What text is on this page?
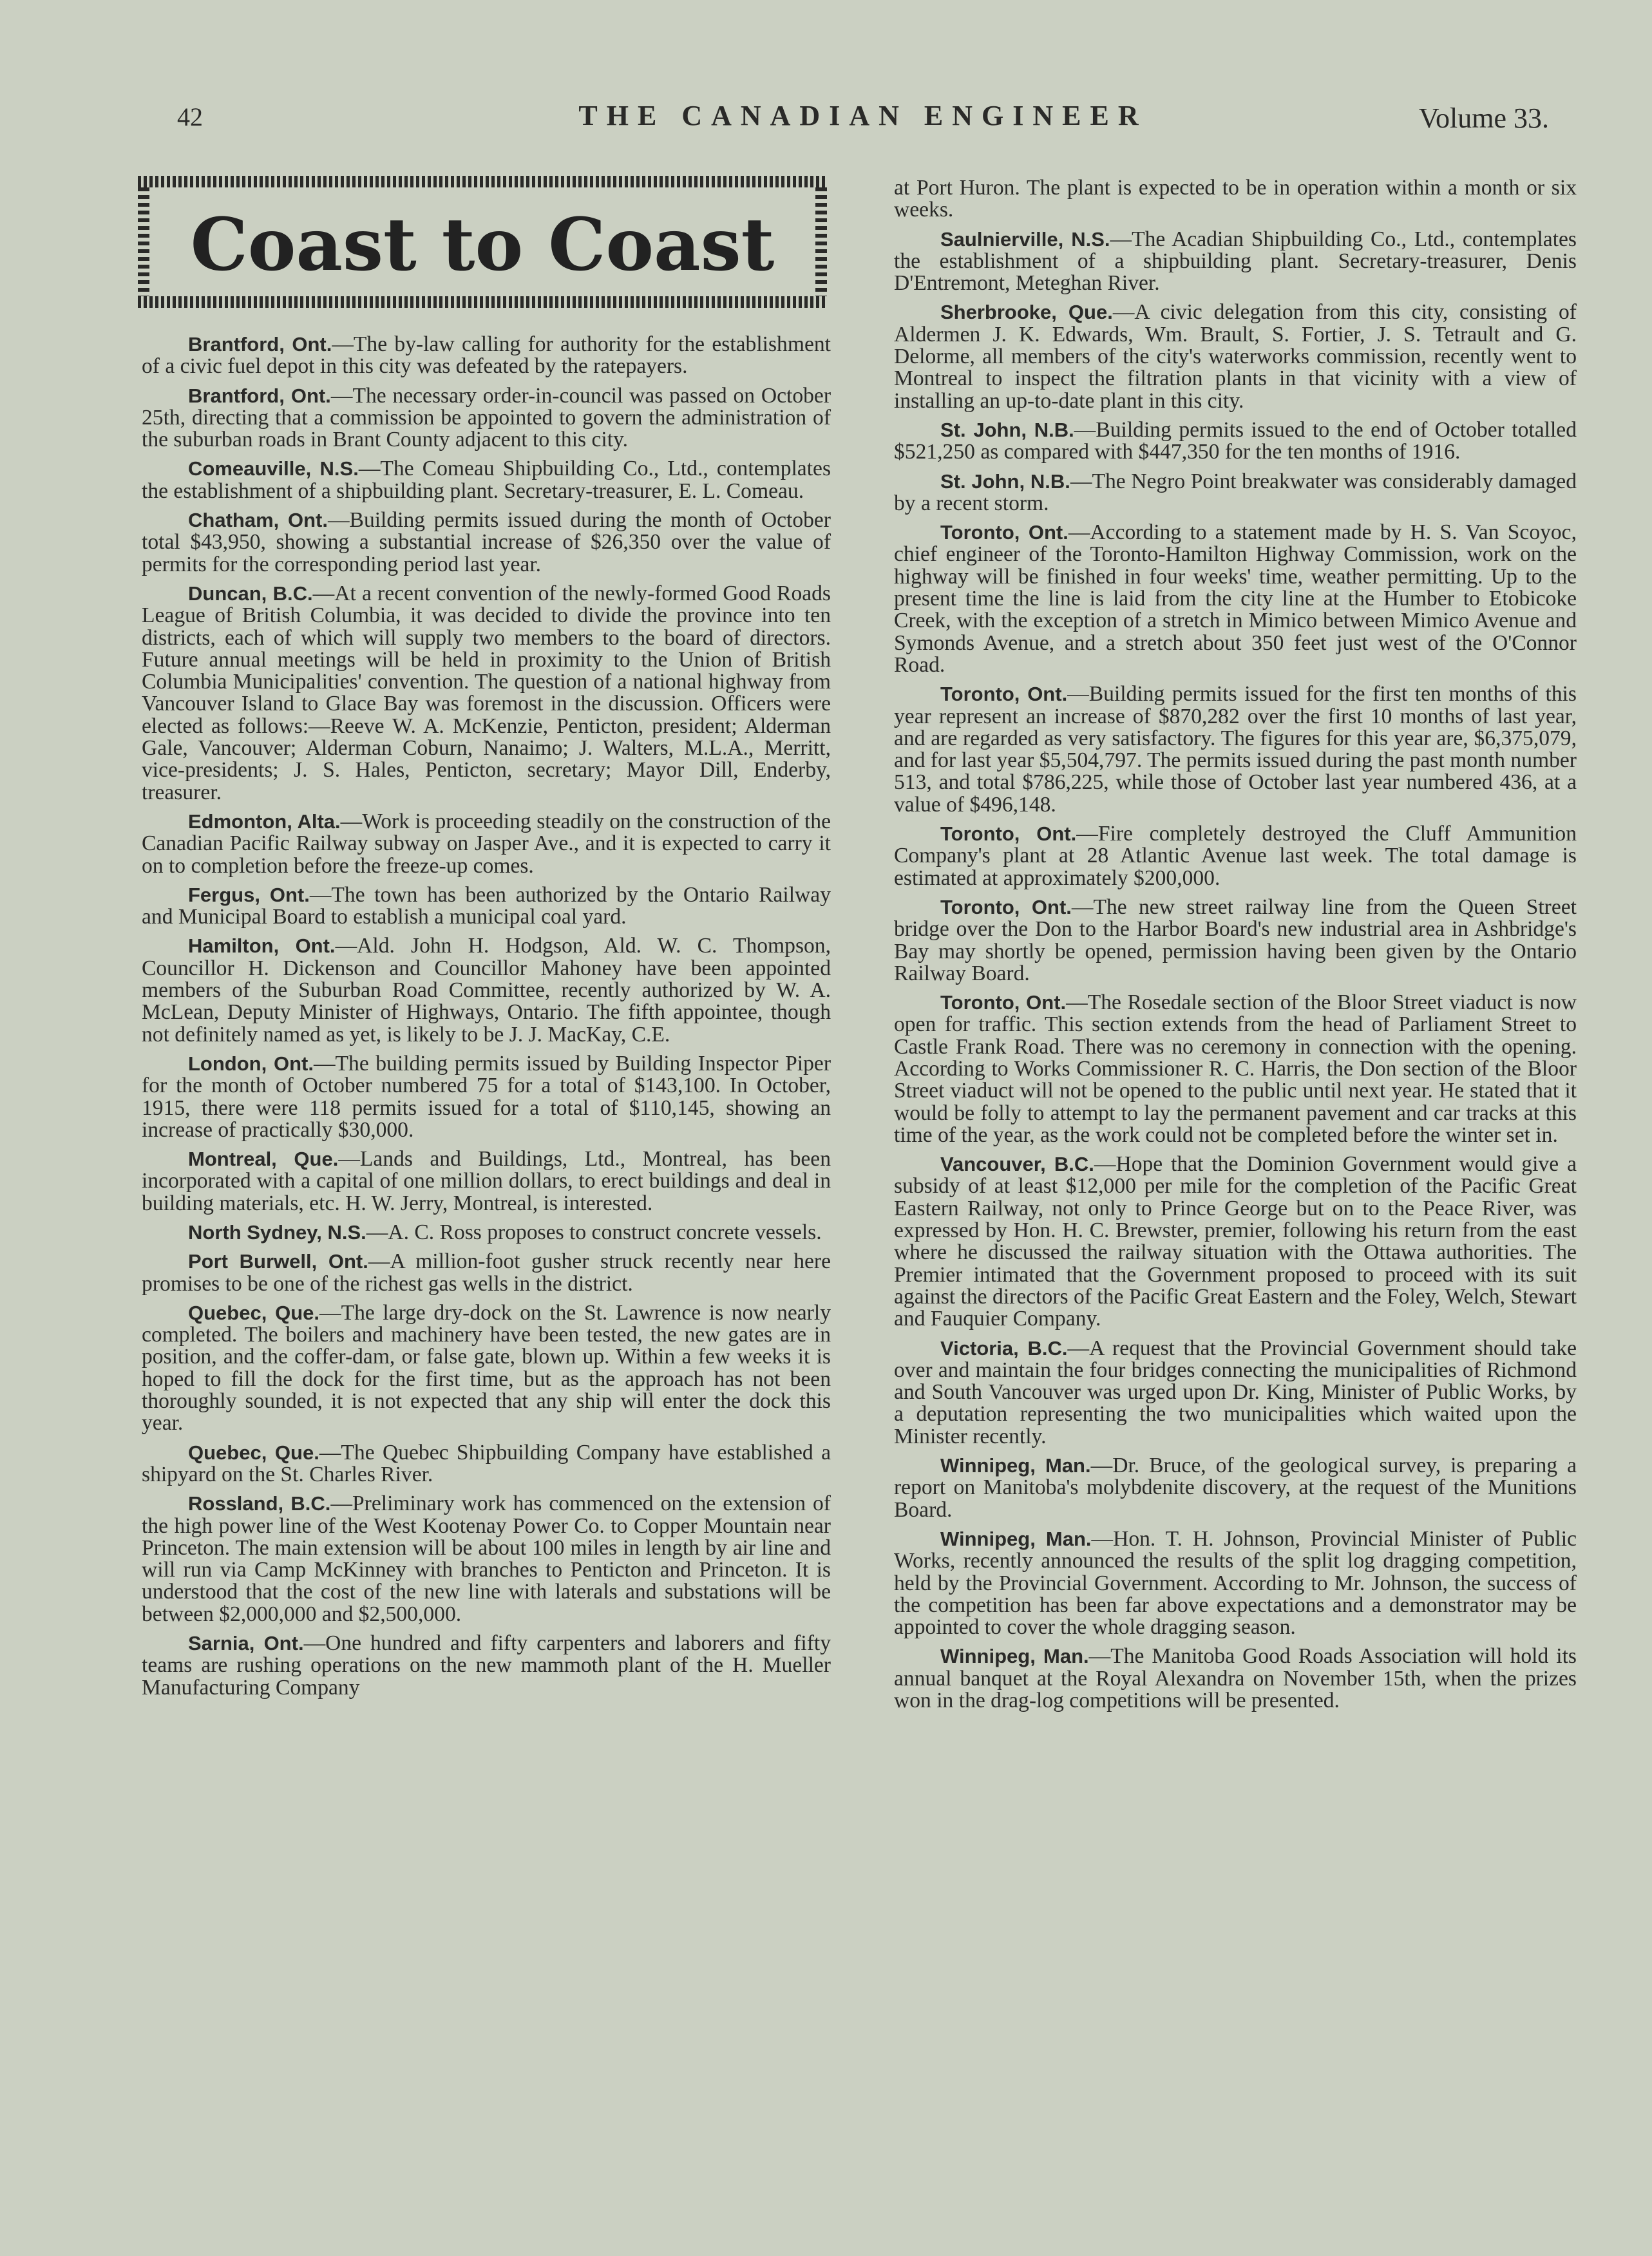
42	THE CANADIAN ENGINEER	Volume 33.
Coast to Coast

Brantford, Ont.—The by-law calling for authority for the establishment of a civic fuel depot in this city was defeated by the ratepayers.

Brantford, Ont.—The necessary order-in-council was passed on October 25th, directing that a commission be appointed to govern the administration of the suburban roads in Brant County adjacent to this city.

Comeauville, N.S.—The Comeau Shipbuilding Co., Ltd., contemplates the establishment of a shipbuilding plant. Secretary-treasurer, E. L. Comeau.

Chatham, Ont.—Building permits issued during the month of October total $43,950, showing a substantial increase of $26,350 over the value of permits for the corresponding period last year.

Duncan, B.C.—At a recent convention of the newly-formed Good Roads League of British Columbia, it was decided to divide the province into ten districts, each of which will supply two members to the board of directors. Future annual meetings will be held in proximity to the Union of British Columbia Municipalities' convention. The question of a national highway from Vancouver Island to Glace Bay was foremost in the discussion. Officers were elected as follows:—Reeve W. A. McKenzie, Penticton, president; Alderman Gale, Vancouver; Alderman Coburn, Nanaimo; J. Walters, M.L.A., Merritt, vice-presidents; J. S. Hales, Penticton, secretary; Mayor Dill, Enderby, treasurer.

Edmonton, Alta.—Work is proceeding steadily on the construction of the Canadian Pacific Railway subway on Jasper Ave., and it is expected to carry it on to completion before the freeze-up comes.

Fergus, Ont.—The town has been authorized by the Ontario Railway and Municipal Board to establish a municipal coal yard.

Hamilton, Ont.—Ald. John H. Hodgson, Ald. W. C. Thompson, Councillor H. Dickenson and Councillor Mahoney have been appointed members of the Suburban Road Committee, recently authorized by W. A. McLean, Deputy Minister of Highways, Ontario. The fifth appointee, though not definitely named as yet, is likely to be J. J. MacKay, C.E.

London, Ont.—The building permits issued by Building Inspector Piper for the month of October numbered 75 for a total of $143,100. In October, 1915, there were 118 permits issued for a total of $110,145, showing an increase of practically $30,000.

Montreal, Que.—Lands and Buildings, Ltd., Montreal, has been incorporated with a capital of one million dollars, to erect buildings and deal in building materials, etc. H. W. Jerry, Montreal, is interested.

North Sydney, N.S.—A. C. Ross proposes to construct concrete vessels.

Port Burwell, Ont.—A million-foot gusher struck recently near here promises to be one of the richest gas wells in the district.

Quebec, Que.—The large dry-dock on the St. Lawrence is now nearly completed. The boilers and machinery have been tested, the new gates are in position, and the coffer-dam, or false gate, blown up. Within a few weeks it is hoped to fill the dock for the first time, but as the approach has not been thoroughly sounded, it is not expected that any ship will enter the dock this year.

Quebec, Que.—The Quebec Shipbuilding Company have established a shipyard on the St. Charles River.

Rossland, B.C.—Preliminary work has commenced on the extension of the high power line of the West Kootenay Power Co. to Copper Mountain near Princeton. The main extension will be about 100 miles in length by air line and will run via Camp McKinney with branches to Penticton and Princeton. It is understood that the cost of the new line with laterals and substations will be between $2,000,000 and $2,500,000.

Sarnia, Ont.—One hundred and fifty carpenters and laborers and fifty teams are rushing operations on the new mammoth plant of the H. Mueller Manufacturing Company

at Port Huron. The plant is expected to be in operation within a month or six weeks.

Saulnierville, N.S.—The Acadian Shipbuilding Co., Ltd., contemplates the establishment of a shipbuilding plant. Secretary-treasurer, Denis D'Entremont, Meteghan River.

Sherbrooke, Que.—A civic delegation from this city, consisting of Aldermen J. K. Edwards, Wm. Brault, S. Fortier, J. S. Tetrault and G. Delorme, all members of the city's waterworks commission, recently went to Montreal to inspect the filtration plants in that vicinity with a view of installing an up-to-date plant in this city.

St. John, N.B.—Building permits issued to the end of October totalled $521,250 as compared with $447,350 for the ten months of 1916.

St. John, N.B.—The Negro Point breakwater was considerably damaged by a recent storm.

Toronto, Ont.—According to a statement made by H. S. Van Scoyoc, chief engineer of the Toronto-Hamilton Highway Commission, work on the highway will be finished in four weeks' time, weather permitting. Up to the present time the line is laid from the city line at the Humber to Etobicoke Creek, with the exception of a stretch in Mimico between Mimico Avenue and Symonds Avenue, and a stretch about 350 feet just west of the O'Connor Road.

Toronto, Ont.—Building permits issued for the first ten months of this year represent an increase of $870,282 over the first 10 months of last year, and are regarded as very satisfactory. The figures for this year are, $6,375,079, and for last year $5,504,797. The permits issued during the past month number 513, and total $786,225, while those of October last year numbered 436, at a value of $496,148.

Toronto, Ont.—Fire completely destroyed the Cluff Ammunition Company's plant at 28 Atlantic Avenue last week. The total damage is estimated at approximately $200,000.

Toronto, Ont.—The new street railway line from the Queen Street bridge over the Don to the Harbor Board's new industrial area in Ashbridge's Bay may shortly be opened, permission having been given by the Ontario Railway Board.

Toronto, Ont.—The Rosedale section of the Bloor Street viaduct is now open for traffic. This section extends from the head of Parliament Street to Castle Frank Road. There was no ceremony in connection with the opening. According to Works Commissioner R. C. Harris, the Don section of the Bloor Street viaduct will not be opened to the public until next year. He stated that it would be folly to attempt to lay the permanent pavement and car tracks at this time of the year, as the work could not be completed before the winter set in.

Vancouver, B.C.—Hope that the Dominion Government would give a subsidy of at least $12,000 per mile for the completion of the Pacific Great Eastern Railway, not only to Prince George but on to the Peace River, was expressed by Hon. H. C. Brewster, premier, following his return from the east where he discussed the railway situation with the Ottawa authorities. The Premier intimated that the Government proposed to proceed with its suit against the directors of the Pacific Great Eastern and the Foley, Welch, Stewart and Fauquier Company.

Victoria, B.C.—A request that the Provincial Government should take over and maintain the four bridges connecting the municipalities of Richmond and South Vancouver was urged upon Dr. King, Minister of Public Works, by a deputation representing the two municipalities which waited upon the Minister recently.

Winnipeg, Man.—Dr. Bruce, of the geological survey, is preparing a report on Manitoba's molybdenite discovery, at the request of the Munitions Board.

Winnipeg, Man.—Hon. T. H. Johnson, Provincial Minister of Public Works, recently announced the results of the split log dragging competition, held by the Provincial Government. According to Mr. Johnson, the success of the competition has been far above expectations and a demonstrator may be appointed to cover the whole dragging season.

Winnipeg, Man.—The Manitoba Good Roads Association will hold its annual banquet at the Royal Alexandra on November 15th, when the prizes won in the drag-log competitions will be presented.
